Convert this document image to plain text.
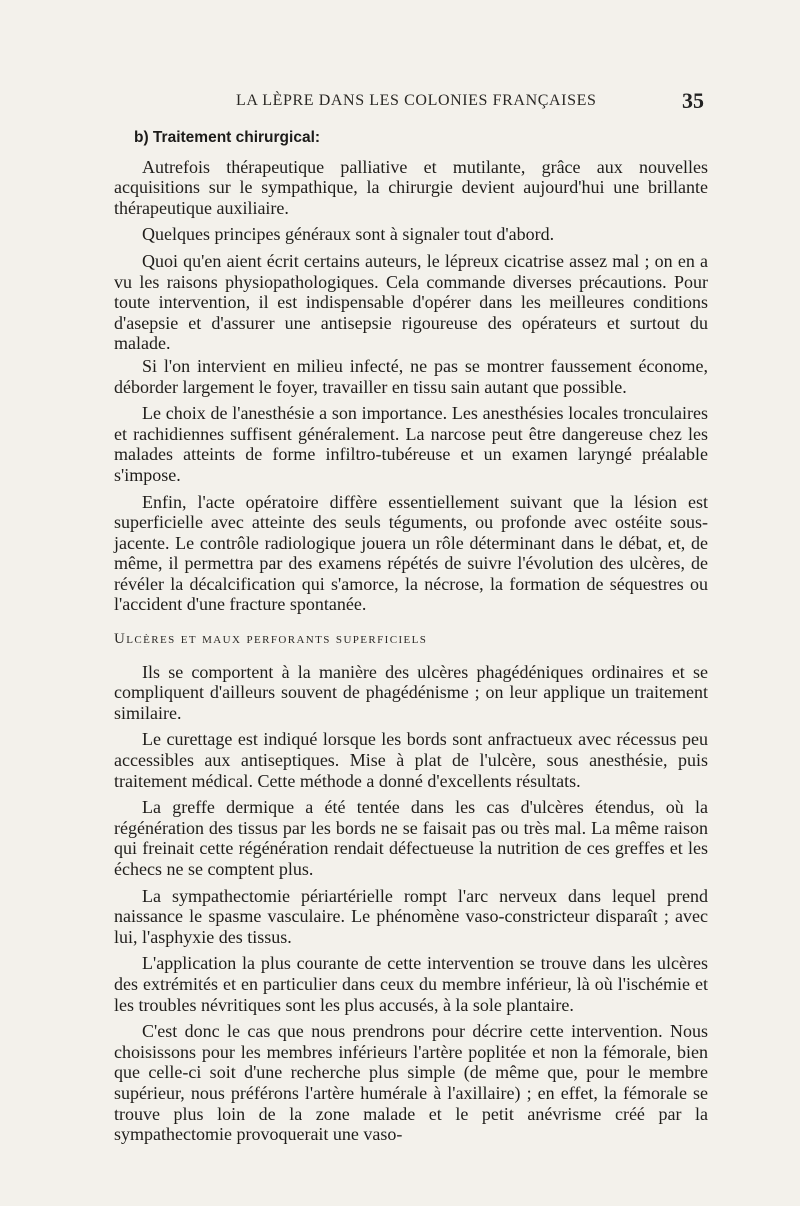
LA LÈPRE DANS LES COLONIES FRANÇAISES	35
b) Traitement chirurgical:

Autrefois thérapeutique palliative et mutilante, grâce aux nouvelles acquisitions sur le sympathique, la chirurgie devient aujourd'hui une brillante thérapeutique auxiliaire.

Quelques principes généraux sont à signaler tout d'abord.

Quoi qu'en aient écrit certains auteurs, le lépreux cicatrise assez mal ; on en a vu les raisons physiopathologiques. Cela commande diverses précautions. Pour toute intervention, il est indispensable d'opérer dans les meilleures conditions d'asepsie et d'assurer une antisepsie rigoureuse des opérateurs et surtout du malade.

Si l'on intervient en milieu infecté, ne pas se montrer faussement économe, déborder largement le foyer, travailler en tissu sain autant que possible.

Le choix de l'anesthésie a son importance. Les anesthésies locales tronculaires et rachidiennes suffisent généralement. La narcose peut être dangereuse chez les malades atteints de forme infiltro-tubéreuse et un examen laryngé préalable s'impose.

Enfin, l'acte opératoire diffère essentiellement suivant que la lésion est superficielle avec atteinte des seuls téguments, ou profonde avec ostéite sous-jacente. Le contrôle radiologique jouera un rôle déterminant dans le débat, et, de même, il permettra par des examens répétés de suivre l'évolution des ulcères, de révéler la décalcification qui s'amorce, la nécrose, la formation de séquestres ou l'accident d'une fracture spontanée.

Ulcères et maux perforants superficiels

Ils se comportent à la manière des ulcères phagédéniques ordinaires et se compliquent d'ailleurs souvent de phagédénisme ; on leur applique un traitement similaire.

Le curettage est indiqué lorsque les bords sont anfractueux avec récessus peu accessibles aux antiseptiques. Mise à plat de l'ulcère, sous anesthésie, puis traitement médical. Cette méthode a donné d'excellents résultats.

La greffe dermique a été tentée dans les cas d'ulcères étendus, où la régénération des tissus par les bords ne se faisait pas ou très mal. La même raison qui freinait cette régénération rendait défectueuse la nutrition de ces greffes et les échecs ne se comptent plus.

La sympathectomie périartérielle rompt l'arc nerveux dans lequel prend naissance le spasme vasculaire. Le phénomène vaso-constricteur disparaît ; avec lui, l'asphyxie des tissus.

L'application la plus courante de cette intervention se trouve dans les ulcères des extrémités et en particulier dans ceux du membre inférieur, là où l'ischémie et les troubles névritiques sont les plus accusés, à la sole plantaire.

C'est donc le cas que nous prendrons pour décrire cette intervention. Nous choisissons pour les membres inférieurs l'artère poplitée et non la fémorale, bien que celle-ci soit d'une recherche plus simple (de même que, pour le membre supérieur, nous préférons l'artère humérale à l'axillaire) ; en effet, la fémorale se trouve plus loin de la zone malade et le petit anévrisme créé par la sympathectomie provoquerait une vaso-
